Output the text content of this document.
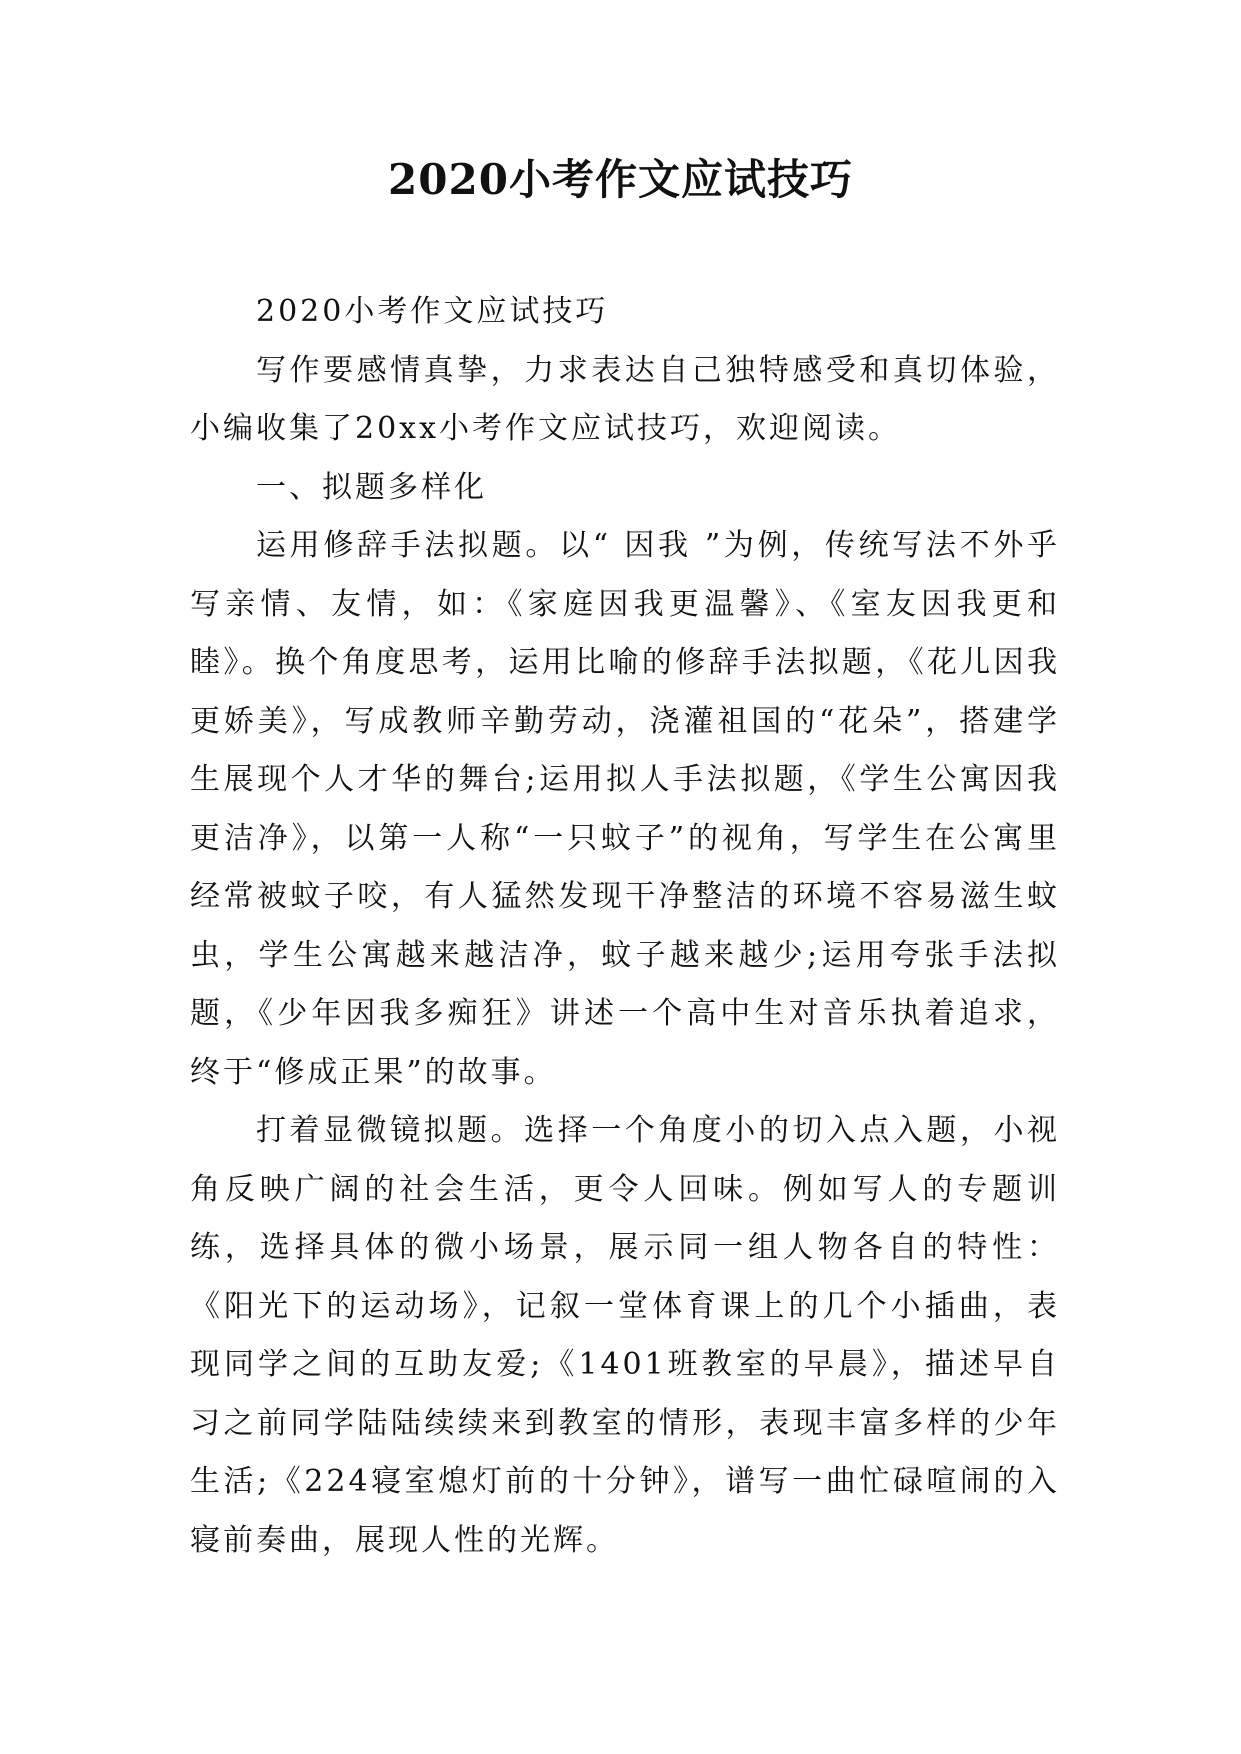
2020小考作文应试技巧

2020小考作文应试技巧

写作要感情真挚，力求表达自己独特感受和真切体验，小编收集了20xx小考作文应试技巧，欢迎阅读。

一、拟题多样化

运用修辞手法拟题。以“ 因我 ”为例，传统写法不外乎写亲情、友情，如：《家庭因我更温馨》、《室友因我更和睦》。换个角度思考，运用比喻的修辞手法拟题，《花儿因我更娇美》，写成教师辛勤劳动，浇灌祖国的“花朵”，搭建学生展现个人才华的舞台;运用拟人手法拟题，《学生公寓因我更洁净》，以第一人称“一只蚊子”的视角，写学生在公寓里经常被蚊子咬，有人猛然发现干净整洁的环境不容易滋生蚊虫，学生公寓越来越洁净，蚊子越来越少;运用夸张手法拟题，《少年因我多痴狂》讲述一个高中生对音乐执着追求，终于“修成正果”的故事。

打着显微镜拟题。选择一个角度小的切入点入题，小视角反映广阔的社会生活，更令人回味。例如写人的专题训练，选择具体的微小场景，展示同一组人物各自的特性：《阳光下的运动场》，记叙一堂体育课上的几个小插曲，表现同学之间的互助友爱;《1401班教室的早晨》，描述早自习之前同学陆陆续续来到教室的情形，表现丰富多样的少年生活;《224寝室熄灯前的十分钟》，谱写一曲忙碌喧闹的入寝前奏曲，展现人性的光辉。
